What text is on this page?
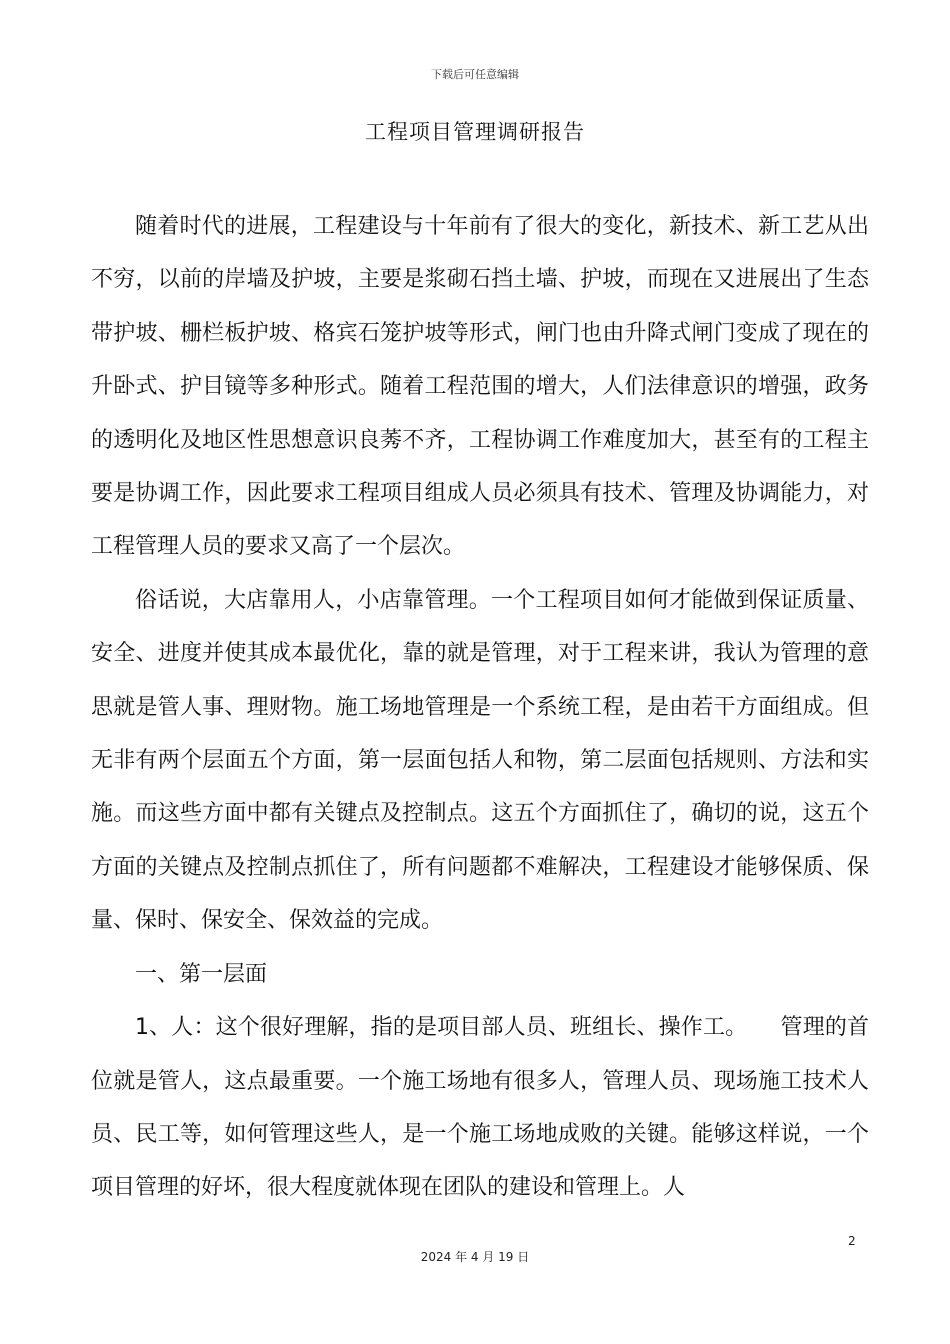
下载后可任意编辑
工程项目管理调研报告

随着时代的进展，工程建设与十年前有了很大的变化，新技术、新工艺从出不穷，以前的岸墙及护坡，主要是浆砌石挡土墙、护坡，而现在又进展出了生态带护坡、栅栏板护坡、格宾石笼护坡等形式，闸门也由升降式闸门变成了现在的升卧式、护目镜等多种形式。随着工程范围的增大，人们法律意识的增强，政务的透明化及地区性思想意识良莠不齐，工程协调工作难度加大，甚至有的工程主要是协调工作，因此要求工程项目组成人员必须具有技术、管理及协调能力，对工程管理人员的要求又高了一个层次。

俗话说，大店靠用人，小店靠管理。一个工程项目如何才能做到保证质量、安全、进度并使其成本最优化，靠的就是管理，对于工程来讲，我认为管理的意思就是管人事、理财物。施工场地管理是一个系统工程，是由若干方面组成。但无非有两个层面五个方面，第一层面包括人和物，第二层面包括规则、方法和实施。而这些方面中都有关键点及控制点。这五个方面抓住了，确切的说，这五个方面的关键点及控制点抓住了，所有问题都不难解决，工程建设才能够保质、保量、保时、保安全、保效益的完成。

一、第一层面

1、人：这个很好理解，指的是项目部人员、班组长、操作工。　　管理的首位就是管人，这点最重要。一个施工场地有很多人，管理人员、现场施工技术人员、民工等，如何管理这些人，是一个施工场地成败的关键。能够这样说，一个项目管理的好坏，很大程度就体现在团队的建设和管理上。人

2
2024 年 4 月 19 日
